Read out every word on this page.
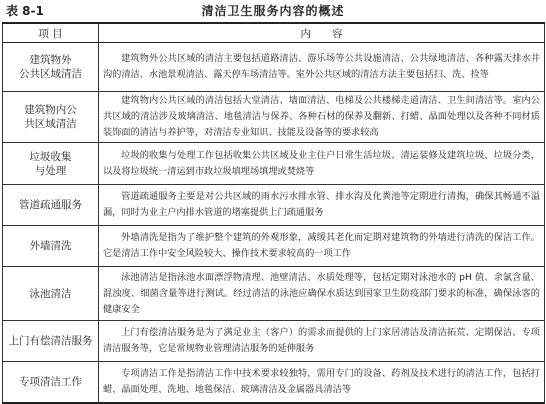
表 8-1	清洁卫生服务内容的概述
项 目	内　　容
建筑物外
公共区域清洁	建筑物外公共区域的清洁主要包括道路清洁、游乐场等公共设施清洁、公共绿地清洁、各种露天排水井沟的清洁、水池景观清洁、露天停车场清洁等。室外公共区域的清洁方法主要包括扫、洗、捡等
建筑物内公
共区域清洁	建筑物内公共区域的清洁包括大堂清洁、墙面清洁、电梯及公共楼梯走道清洁、卫生间清洁等。室内公共区域的清洁涉及玻璃清洁、地毯清洁与保养、各种石材的保养及翻新、打蜡、晶面处理以及各种不同材质装饰面的清洁与养护等，对清洁专业知识、技能及设备等的要求较高
垃圾收集
与处理	垃圾的收集与处理工作包括收集公共区域及业主住户日常生活垃圾、清运装修及建筑垃圾、垃圾分类，以及将垃圾统一清运到市政垃圾填埋场填埋或焚烧等
管道疏通服务	管道疏通服务主要是对公共区域的雨水污水排水管、排水沟及化粪池等定期进行清掏，确保其畅通不溢漏，同时为业主户内排水管道的堵塞提供上门疏通服务
外墙清洗	外墙清洗是指为了维护整个建筑的外观形象，减缓其老化而定期对建筑物的外墙进行清洗的保洁工作。它是清洁工作中安全风险较大、操作技术要求较高的一项工作
泳池清洁	泳池清洁是指泳池水面漂浮物清理、池壁清洁、水质处理等，包括定期对泳池水的 pH 值、余氯含量、混浊度、细菌含量等进行测试。经过清洁的泳池应确保水质达到国家卫生防疫部门要求的标准，确保泳客的健康安全
上门有偿清洁服务	上门有偿清洁服务是为了满足业主（客户）的需求而提供的上门家居清洁及清洁拓荒、定期保洁、专项清洁服务等，它是常规物业管理清洁服务的延伸服务
专项清洁工作	专项清洁工作是指清洁工作中技术要求较独特，需用专门的设备、药剂及技术进行的清洁工作，包括打蜡、晶面处理、洗地、地毯保洁、玻璃清洁及金属器具清洁等
